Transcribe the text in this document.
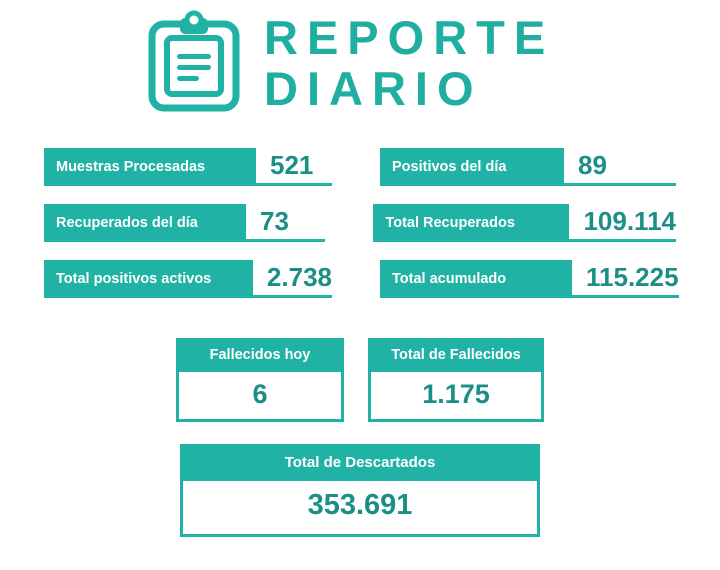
REPORTE
DIARIO
Muestras Procesadas	521	Positivos del día	89
Recuperados del día	73	Total Recuperados	109.114
Total positivos activos	2.738	Total acumulado	115.225
Fallecidos hoy
6
Total de Fallecidos
1.175
Total de Descartados
353.691
